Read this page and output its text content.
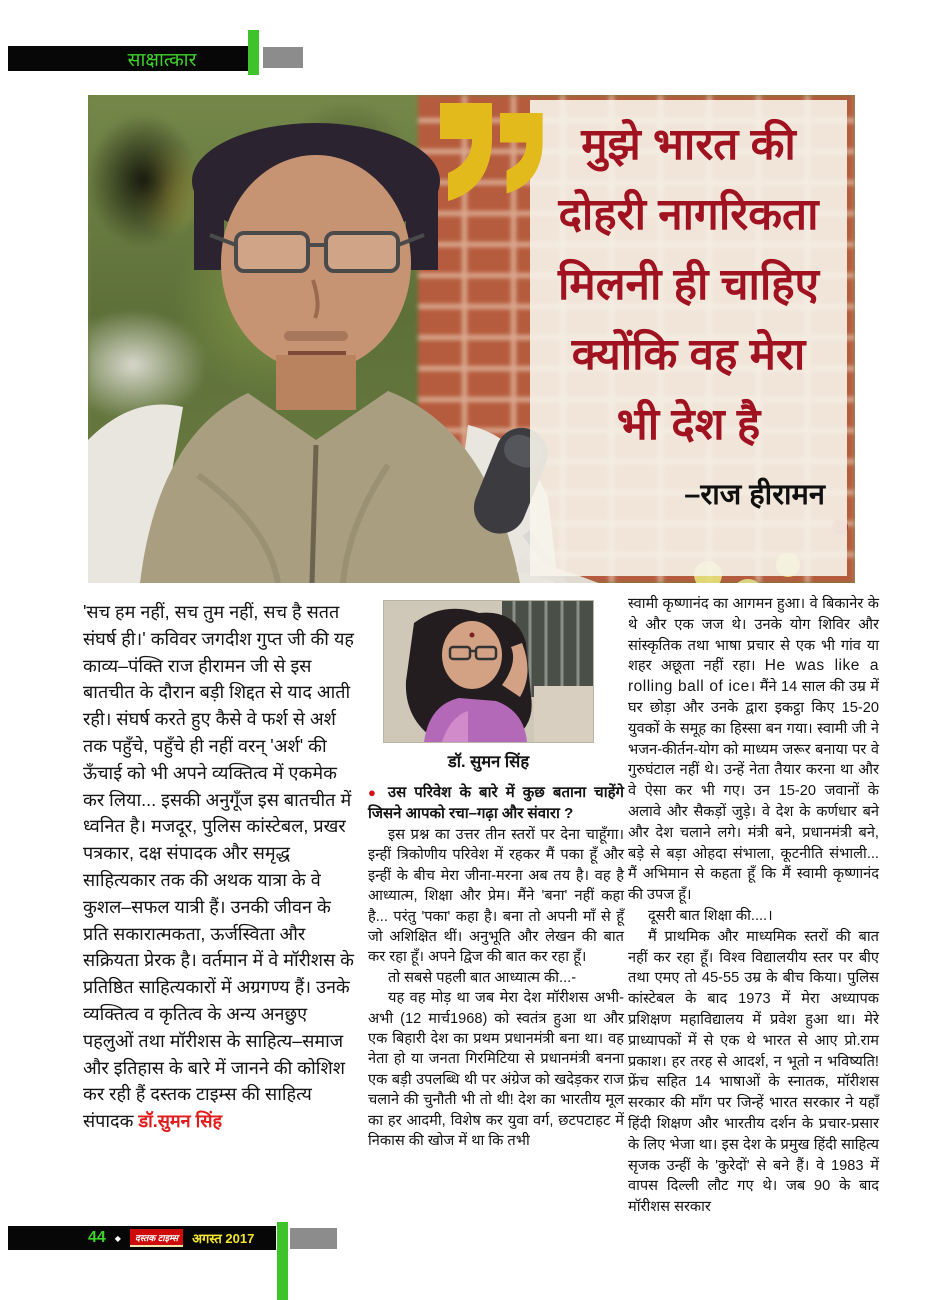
साक्षात्कार
मुझे भारत की
दोहरी नागरिकता
मिलनी ही चाहिए
क्योंकि वह मेरा
भी देश है
–राज हीरामन
'सच हम नहीं, सच तुम नहीं, सच है सतत संघर्ष ही।' कविवर जगदीश गुप्त जी की यह काव्य–पंक्ति राज हीरामन जी से इस बातचीत के दौरान बड़ी शिद्दत से याद आती रही। संघर्ष करते हुए कैसे वे फर्श से अर्श तक पहुँचे, पहुँचे ही नहीं वरन् 'अर्श' की ऊँचाई को भी अपने व्यक्तित्व में एकमेक कर लिया... इसकी अनुगूँज इस बातचीत में ध्वनित है। मजदूर, पुलिस कांस्टेबल, प्रखर पत्रकार, दक्ष संपादक और समृद्ध साहित्यकार तक की अथक यात्रा के वे कुशल–सफल यात्री हैं। उनकी जीवन के प्रति सकारात्मकता, ऊर्जस्विता और सक्रियता प्रेरक है। वर्तमान में वे मॉरीशस के प्रतिष्ठित साहित्यकारों में अग्रगण्य हैं। उनके व्यक्तित्व व कृतित्व के अन्य अनछुए पहलुओं तथा मॉरीशस के साहित्य–समाज और इतिहास के बारे में जानने की कोशिश कर रही हैं दस्तक टाइम्स की साहित्य संपादक डॉ.सुमन सिंह
डॉ. सुमन सिंह

● उस परिवेश के बारे में कुछ बताना चाहेंगे जिसने आपको रचा–गढ़ा और संवारा ?

इस प्रश्न का उत्तर तीन स्तरों पर देना चाहूँगा। इन्हीं त्रिकोणीय परिवेश में रहकर मैं पका हूँ और इन्हीं के बीच मेरा जीना-मरना अब तय है। वह है आध्यात्म, शिक्षा और प्रेम। मैंने 'बना' नहीं कहा है... परंतु 'पका' कहा है। बना तो अपनी माँ से हूँ जो अशिक्षित थीं। अनुभूति और लेखन की बात कर रहा हूँ। अपने द्विज की बात कर रहा हूँ।

तो सबसे पहली बात आध्यात्म की...-

यह वह मोड़ था जब मेरा देश मॉरीशस अभी-अभी (12 मार्च1968) को स्वतंत्र हुआ था और एक बिहारी देश का प्रथम प्रधानमंत्री बना था। वह नेता हो या जनता गिरमिटिया से प्रधानमंत्री बनना एक बड़ी उपलब्धि थी पर अंग्रेज को खदेड़कर राज चलाने की चुनौती भी तो थी! देश का भारतीय मूल का हर आदमी, विशेष कर युवा वर्ग, छटपटाहट में निकास की खोज में था कि तभी

स्वामी कृष्णानंद का आगमन हुआ। वे बिकानेर के थे और एक जज थे। उनके योग शिविर और सांस्कृतिक तथा भाषा प्रचार से एक भी गांव या शहर अछूता नहीं रहा। He was like a rolling ball of ice। मैंने 14 साल की उम्र में घर छोड़ा और उनके द्वारा इकट्ठा किए 15-20 युवकों के समूह का हिस्सा बन गया। स्वामी जी ने भजन-कीर्तन-योग को माध्यम जरूर बनाया पर वे गुरुघंटाल नहीं थे। उन्हें नेता तैयार करना था और वे ऐसा कर भी गए। उन 15-20 जवानों के अलावे और सैकड़ों जुड़े। वे देश के कर्णधार बने और देश चलाने लगे। मंत्री बने, प्रधानमंत्री बने, बड़े से बड़ा ओहदा संभाला, कूटनीति संभाली... मैं अभिमान से कहता हूँ कि मैं स्वामी कृष्णानंद की उपज हूँ।

दूसरी बात शिक्षा की....।

मैं प्राथमिक और माध्यमिक स्तरों की बात नहीं कर रहा हूँ। विश्व विद्यालयीय स्तर पर बीए तथा एमए तो 45-55 उम्र के बीच किया। पुलिस कांस्टेबल के बाद 1973 में मेरा अध्यापक प्रशिक्षण महाविद्यालय में प्रवेश हुआ था। मेरे प्राध्यापकों में से एक थे भारत से आए प्रो.राम प्रकाश। हर तरह से आदर्श, न भूतो न भविष्यति! फ्रेंच सहित 14 भाषाओं के स्नातक, मॉरीशस सरकार की माँग पर जिन्हें भारत सरकार ने यहाँ हिंदी शिक्षण और भारतीय दर्शन के प्रचार-प्रसार के लिए भेजा था। इस देश के प्रमुख हिंदी साहित्य सृजक उन्हीं के 'कुरेदों' से बने हैं। वे 1983 में वापस दिल्ली लौट गए थे। जब 90 के बाद मॉरीशस सरकार

44 ◆	दस्तक टाइम्स	अगस्त 2017
